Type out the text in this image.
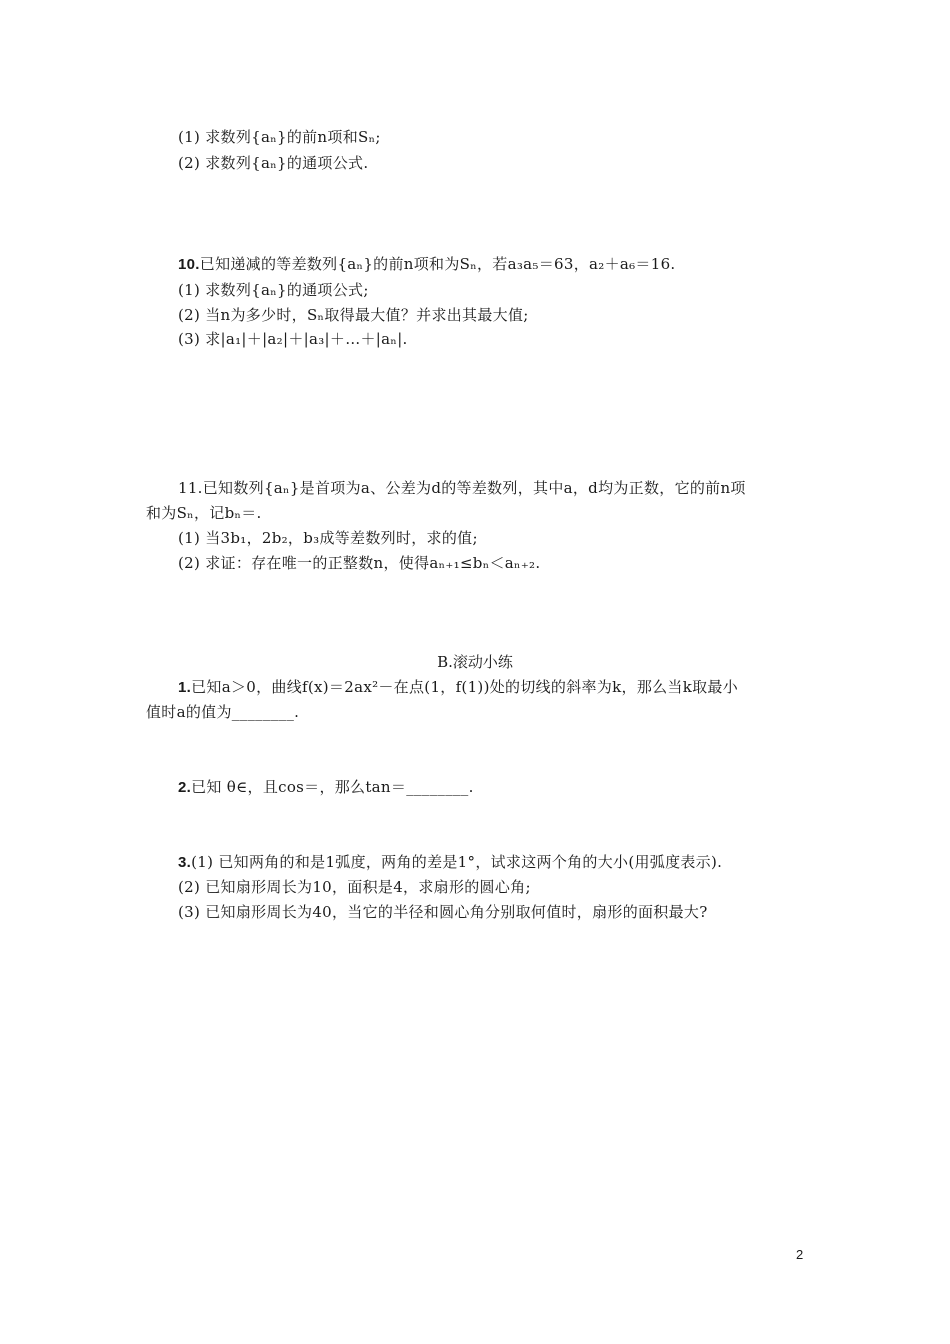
(1) 求数列{aₙ}的前n项和Sₙ;
(2) 求数列{aₙ}的通项公式.
10.已知递减的等差数列{aₙ}的前n项和为Sₙ，若a₃a₅＝63，a₂＋a₆＝16.
(1) 求数列{aₙ}的通项公式;
(2) 当n为多少时，Sₙ取得最大值？并求出其最大值;
(3) 求|a₁|＋|a₂|＋|a₃|＋…＋|aₙ|.
11.已知数列{aₙ}是首项为a、公差为d的等差数列，其中a，d均为正数，它的前n项
和为Sₙ，记bₙ＝.
(1) 当3b₁，2b₂，b₃成等差数列时，求的值;
(2) 求证：存在唯一的正整数n，使得aₙ₊₁≤bₙ＜aₙ₊₂.
B.滚动小练
1.已知a＞0，曲线f(x)＝2ax²－在点(1，f(1))处的切线的斜率为k，那么当k取最小
值时a的值为________.
2.已知 θ∈，且cos＝，那么tan＝________.
3.(1) 已知两角的和是1弧度，两角的差是1°，试求这两个角的大小(用弧度表示).
(2) 已知扇形周长为10，面积是4，求扇形的圆心角;
(3) 已知扇形周长为40，当它的半径和圆心角分别取何值时，扇形的面积最大?
2
